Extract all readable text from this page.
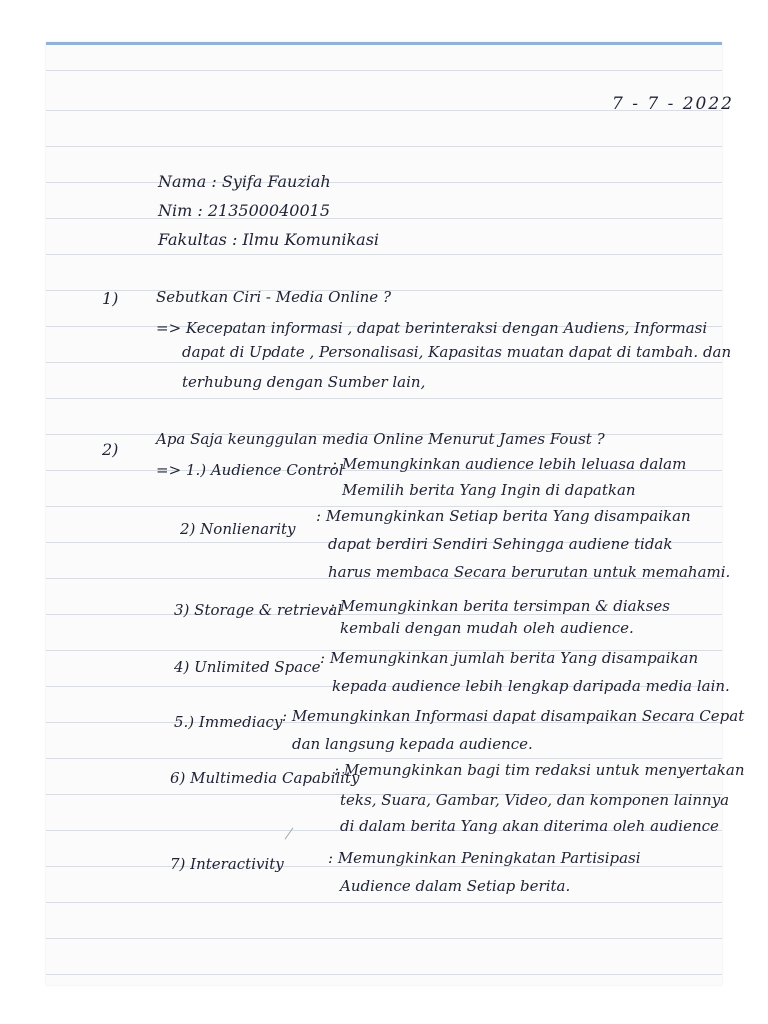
7 - 7 - 2022
Nama : Syifa Fauziah
Nim : 213500040015
Fakultas : Ilmu Komunikasi
1)	Sebutkan Ciri - Media Online ?
=> Kecepatan informasi , dapat berinteraksi dengan Audiens, Informasi
dapat di Update , Personalisasi, Kapasitas muatan dapat di tambah. dan
terhubung dengan Sumber lain,
2)
Apa Saja keunggulan media Online Menurut James Foust ?
=> 1.) Audience Control
: Memungkinkan audience lebih leluasa dalam
Memilih berita Yang Ingin di dapatkan
2) Nonlienarity
: Memungkinkan Setiap berita Yang disampaikan
dapat berdiri Sendiri Sehingga audiene tidak
harus membaca Secara berurutan untuk memahami.
3) Storage & retrieval
: Memungkinkan berita tersimpan & diakses
kembali dengan mudah oleh audience.
4) Unlimited Space : Memungkinkan jumlah berita Yang disampaikan
kepada audience lebih lengkap daripada media lain.
5.) Immediacy : Memungkinkan Informasi dapat disampaikan Secara Cepat
dan langsung kepada audience.
6) Multimedia Capability
: Memungkinkan bagi tim redaksi untuk menyertakan
teks, Suara, Gambar, Video, dan komponen lainnya
di dalam berita Yang akan diterima oleh audience
7) Interactivity	: Memungkinkan Peningkatan Partisipasi
Audience dalam Setiap berita.
